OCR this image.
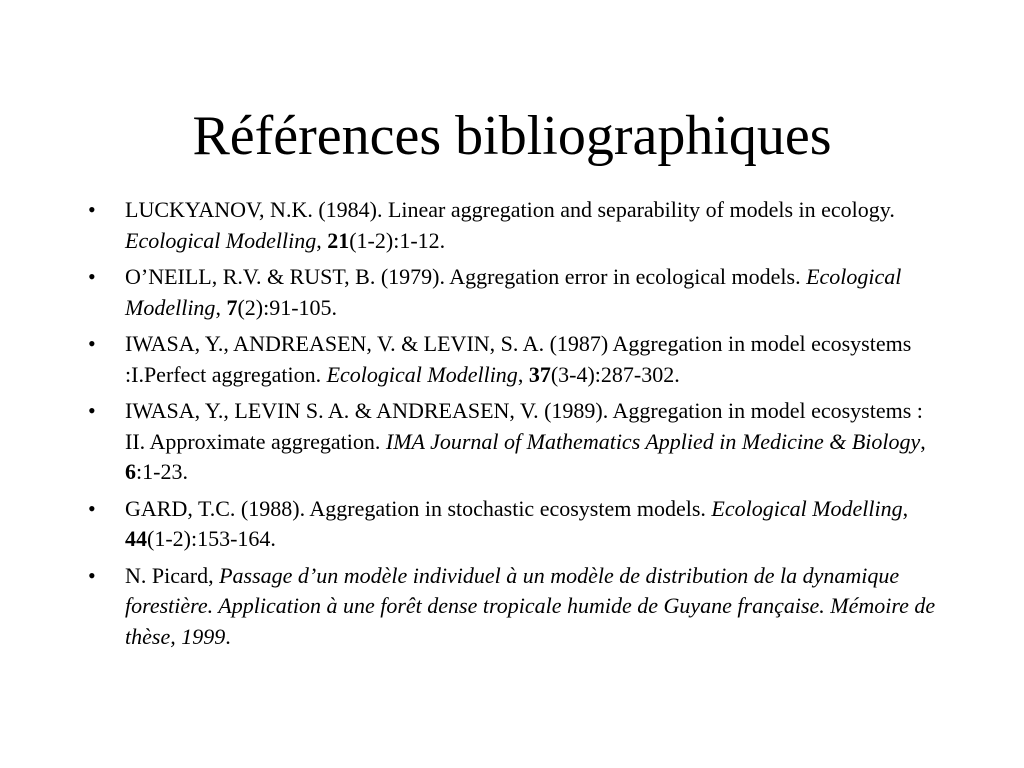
Références bibliographiques
• LUCKYANOV, N.K. (1984). Linear aggregation and separability of models in ecology. Ecological Modelling, 21(1-2):1-12.
• O’NEILL, R.V. & RUST, B. (1979). Aggregation error in ecological models. Ecological Modelling, 7(2):91-105.
• IWASA, Y., ANDREASEN, V. & LEVIN, S. A. (1987) Aggregation in model ecosystems :I.Perfect aggregation. Ecological Modelling, 37(3-4):287-302.
• IWASA, Y., LEVIN S. A. & ANDREASEN, V. (1989). Aggregation in model ecosystems : II. Approximate aggregation. IMA Journal of Mathematics Applied in Medicine & Biology, 6:1-23.
• GARD, T.C. (1988). Aggregation in stochastic ecosystem models. Ecological Modelling, 44(1-2):153-164.
• N. Picard, Passage d’un modèle individuel à un modèle de distribution de la dynamique forestière. Application à une forêt dense tropicale humide de Guyane française. Mémoire de thèse, 1999.
